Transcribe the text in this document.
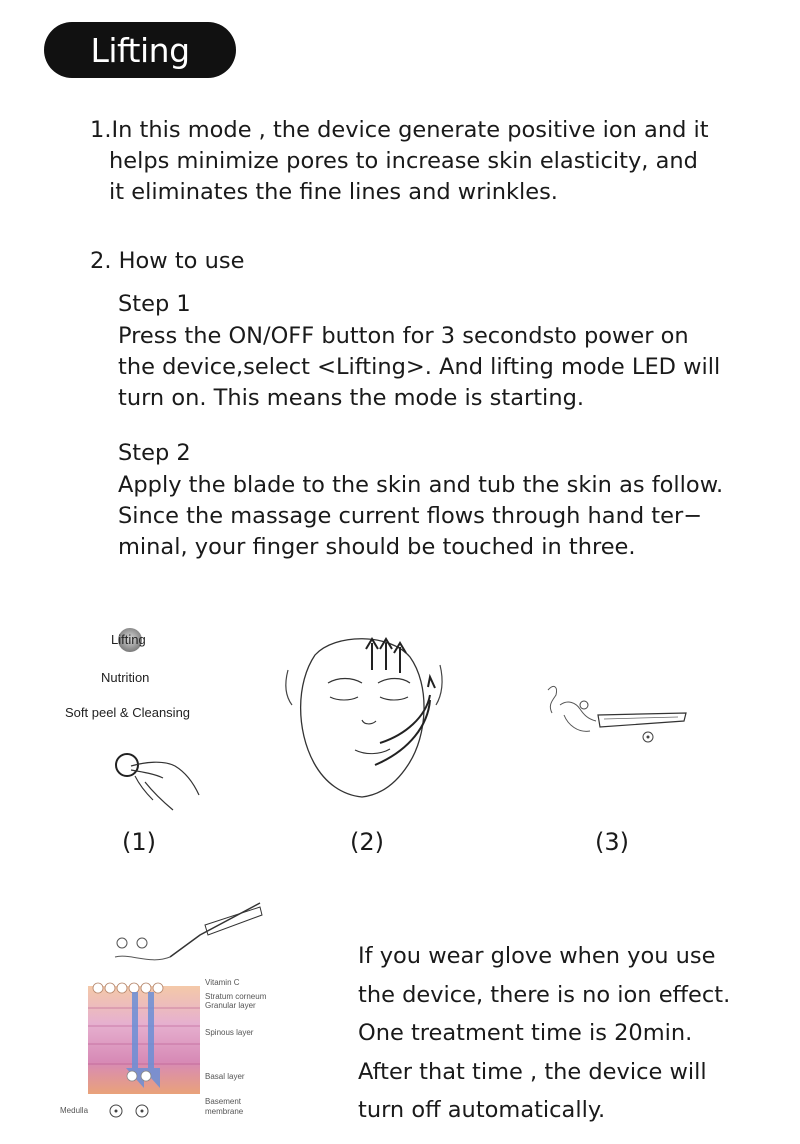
Lifting
1.In this mode , the device generate positive ion and it
helps minimize pores to increase skin elasticity, and
it eliminates the fine lines and wrinkles.
2. How to use
Step 1
Press the ON/OFF button for 3 secondsto power on
the device,select <Lifting>. And lifting mode LED will
turn on. This means the mode is starting.
Step 2
Apply the blade to the skin and tub the skin as follow.
Since the massage current flows through hand ter−
minal, your finger should be touched in three.
Lifting
Nutrition
Soft peel & Cleansing
(1)	(2)	(3)
Vitamin C
Stratum corneum
Granular layer
Spinous layer
Basal layer
Basement
membrane
Medulla
If you wear glove when you use
the device, there is no ion effect.
One treatment time is 20min.
After that time , the device will
turn off automatically.
